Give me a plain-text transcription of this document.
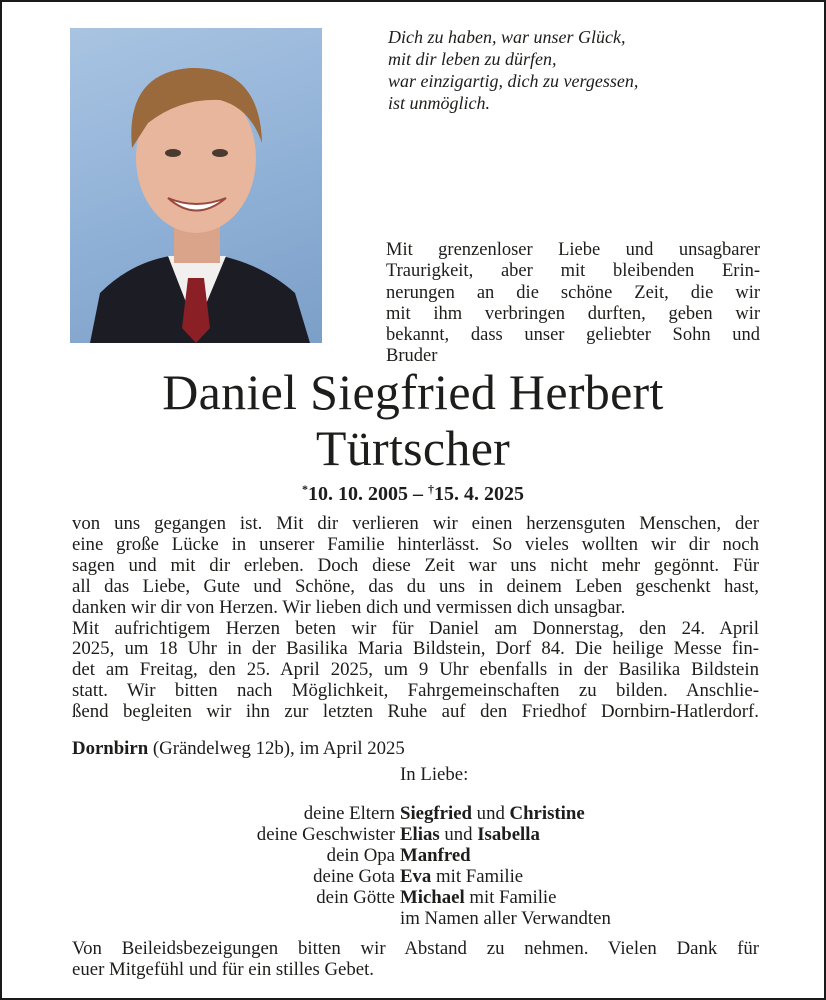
Dich zu haben, war unser Glück,
mit dir leben zu dürfen,
war einzigartig, dich zu vergessen,
ist unmöglich.
Mit grenzenloser Liebe und unsagbarer
Traurigkeit, aber mit bleibenden Erin-
nerungen an die schöne Zeit, die wir
mit ihm verbringen durften, geben wir
bekannt, dass unser geliebter Sohn und
Bruder
Daniel Siegfried Herbert
Türtscher
*10. 10. 2005 – †15. 4. 2025
von uns gegangen ist. Mit dir verlieren wir einen herzensguten Menschen, der
eine große Lücke in unserer Familie hinterlässt. So vieles wollten wir dir noch
sagen und mit dir erleben. Doch diese Zeit war uns nicht mehr gegönnt. Für
all das Liebe, Gute und Schöne, das du uns in deinem Leben geschenkt hast,
danken wir dir von Herzen. Wir lieben dich und vermissen dich unsagbar.
Mit aufrichtigem Herzen beten wir für Daniel am Donnerstag, den 24. April
2025, um 18 Uhr in der Basilika Maria Bildstein, Dorf 84. Die heilige Messe fin-
det am Freitag, den 25. April 2025, um 9 Uhr ebenfalls in der Basilika Bildstein
statt. Wir bitten nach Möglichkeit, Fahrgemeinschaften zu bilden. Anschlie-
ßend begleiten wir ihn zur letzten Ruhe auf den Friedhof Dornbirn-Hatlerdorf.
Dornbirn (Grändelweg 12b), im April 2025
In Liebe:
deine Eltern Siegfried und Christine
deine Geschwister Elias und Isabella
dein Opa Manfred
deine Gota Eva mit Familie
dein Götte Michael mit Familie
im Namen aller Verwandten
Von Beileidsbezeigungen bitten wir Abstand zu nehmen. Vielen Dank für
euer Mitgefühl und für ein stilles Gebet.
